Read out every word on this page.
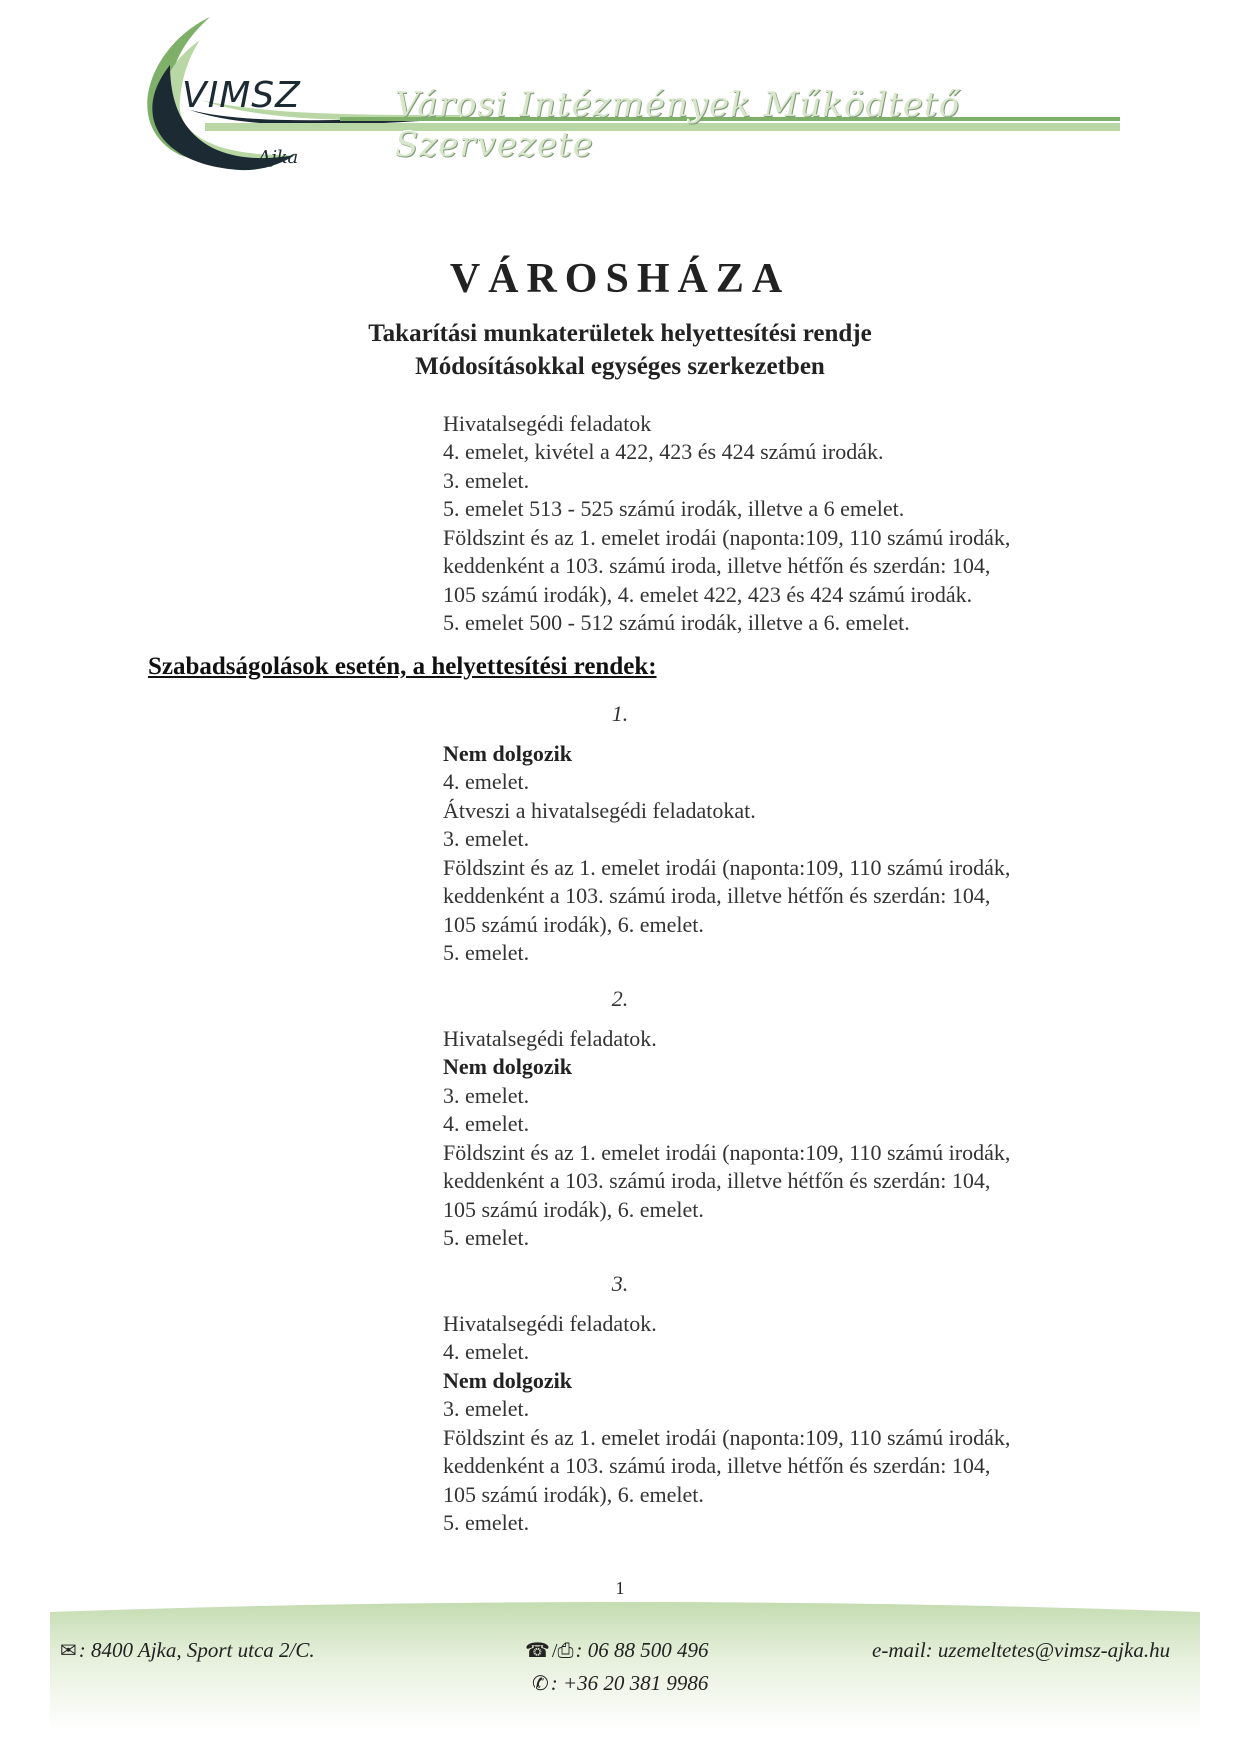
VIMSZ
Ajka
Városi Intézmények Működtető Szervezete
VÁROSHÁZA
Takarítási munkaterületek helyettesítési rendje
Módosításokkal egységes szerkezetben
Hivatalsegédi feladatok
4. emelet, kivétel a 422, 423 és 424 számú irodák.
3. emelet.
5. emelet 513 - 525 számú irodák, illetve a 6 emelet.
Földszint és az 1. emelet irodái (naponta:109, 110 számú irodák,
keddenként a 103. számú iroda, illetve hétfőn és szerdán: 104,
105 számú irodák), 4. emelet 422, 423 és 424 számú irodák.
5. emelet 500 - 512 számú irodák, illetve a 6. emelet.
Szabadságolások esetén, a helyettesítési rendek:
1.
Nem dolgozik
4. emelet.
Átveszi a hivatalsegédi feladatokat.
3. emelet.
Földszint és az 1. emelet irodái (naponta:109, 110 számú irodák,
keddenként a 103. számú iroda, illetve hétfőn és szerdán: 104,
105 számú irodák), 6. emelet.
5. emelet.
2.
Hivatalsegédi feladatok.
Nem dolgozik
3. emelet.
4. emelet.
Földszint és az 1. emelet irodái (naponta:109, 110 számú irodák,
keddenként a 103. számú iroda, illetve hétfőn és szerdán: 104,
105 számú irodák), 6. emelet.
5. emelet.
3.
Hivatalsegédi feladatok.
4. emelet.
Nem dolgozik
3. emelet.
Földszint és az 1. emelet irodái (naponta:109, 110 számú irodák,
keddenként a 103. számú iroda, illetve hétfőn és szerdán: 104,
105 számú irodák), 6. emelet.
5. emelet.
1
✉: 8400 Ajka, Sport utca 2/C.	☎ /⎙: 06 88 500 496	e-mail: uzemeltetes@vimsz-ajka.hu
✆: +36 20 381 9986
